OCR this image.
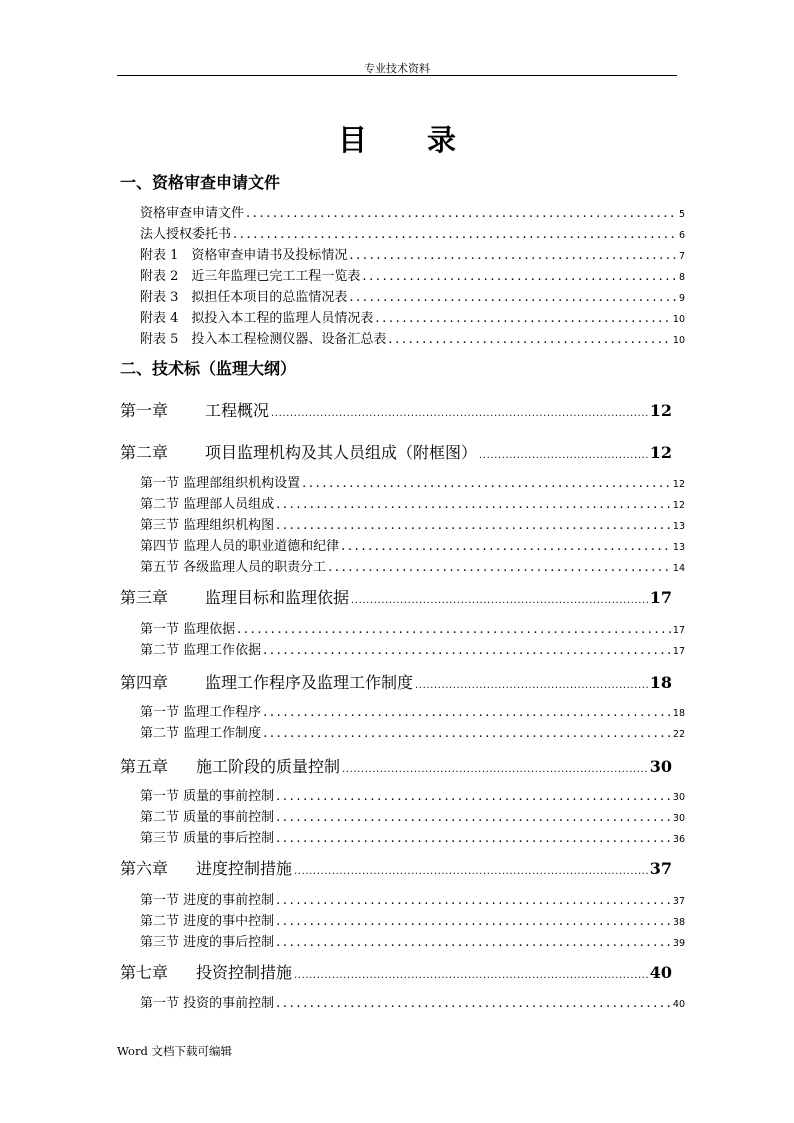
专业技术资料
目 录
一、资格审查申请文件
资格审查申请文件 .....	5
法人授权委托书 .....	6
附表 1　资格审查申请书及投标情况 .....	7
附表 2　近三年监理已完工工程一览表 .....	8
附表 3　拟担任本项目的总监情况表 .....	9
附表 4　拟投入本工程的监理人员情况表 .....	10
附表 5　投入本工程检测仪器、设备汇总表 .....	10
二、技术标（监理大纲）
第一章 工程概况 .....	12
第二章 项目监理机构及其人员组成（附框图） .....	12
第一节 监理部组织机构设置 .....	12
第二节 监理部人员组成 .....	12
第三节 监理组织机构图 .....	13
第四节 监理人员的职业道德和纪律 .....	13
第五节 各级监理人员的职责分工 .....	14
第三章 监理目标和监理依据 .....	17
第一节 监理依据 .....	17
第二节 监理工作依据 .....	17
第四章 监理工作程序及监理工作制度 .....	18
第一节 监理工作程序 .....	18
第二节 监理工作制度 .....	22
第五章 施工阶段的质量控制 .....	30
第一节 质量的事前控制 .....	30
第二节 质量的事前控制 .....	30
第三节 质量的事后控制 .....	36
第六章 进度控制措施 .....	37
第一节 进度的事前控制 .....	37
第二节 进度的事中控制 .....	38
第三节 进度的事后控制 .....	39
第七章 投资控制措施 .....	40
第一节 投资的事前控制 .....	40
Word 文档下载可编辑
